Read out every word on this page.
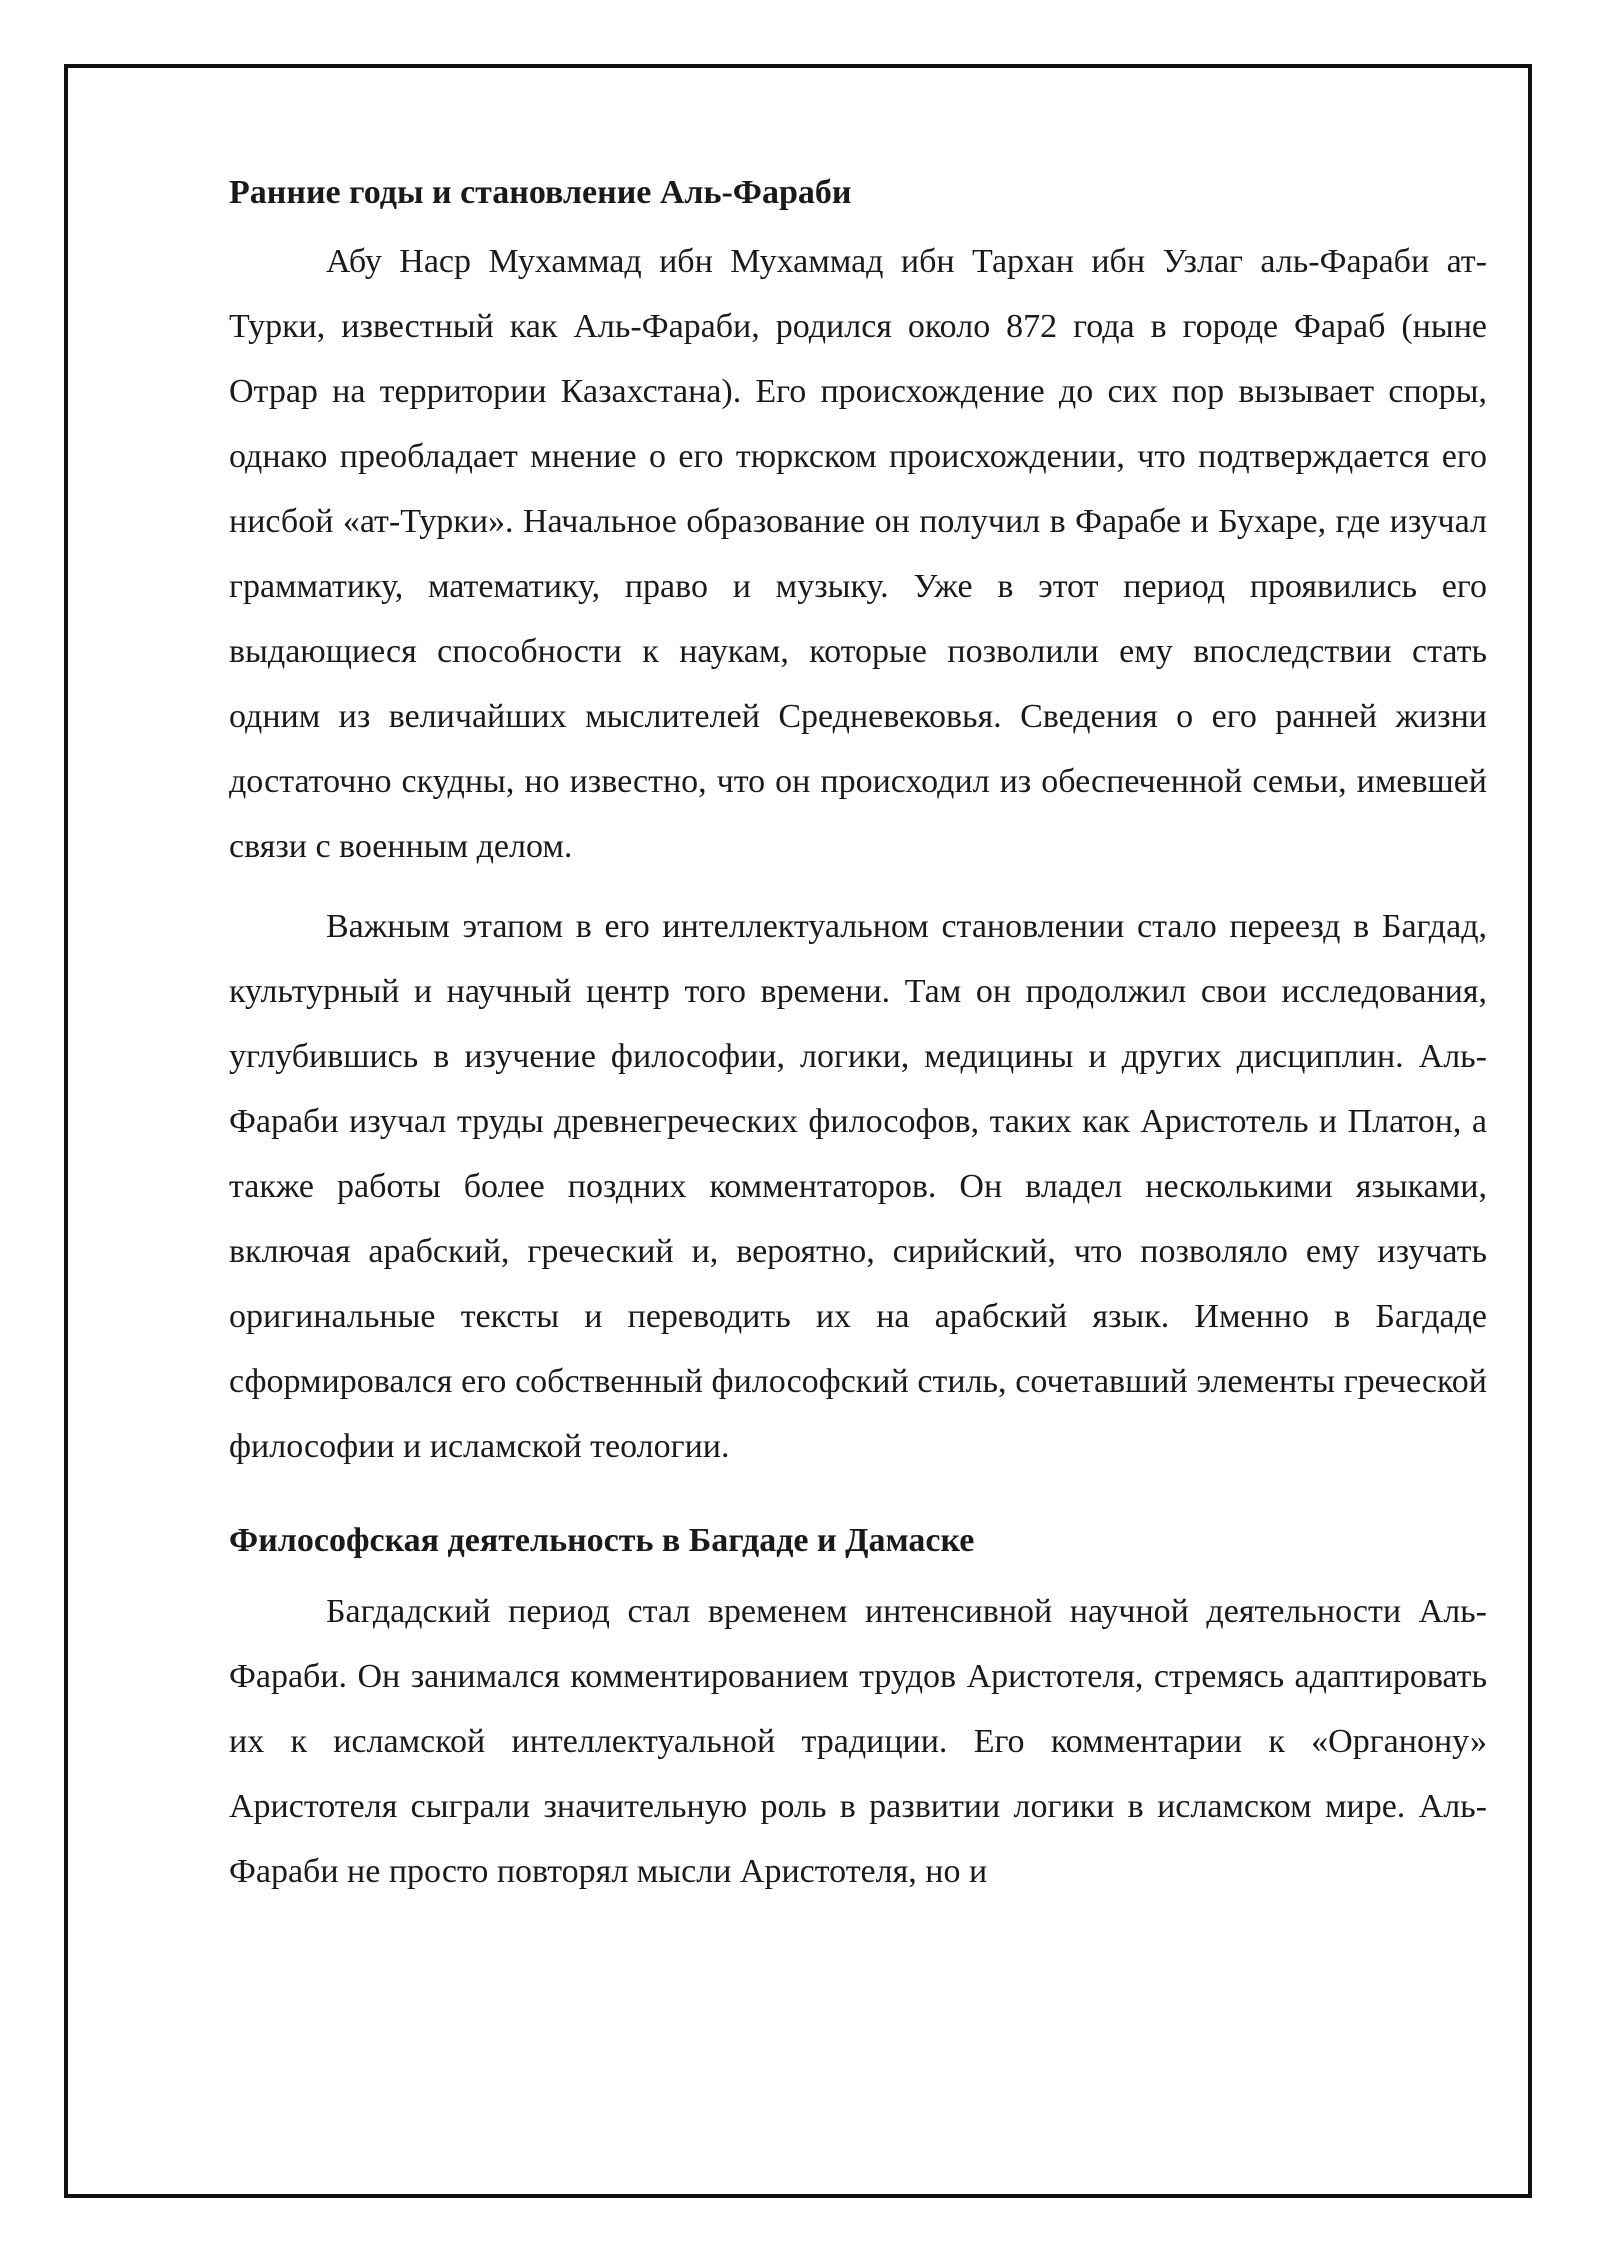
Ранние годы и становление Аль-Фараби

Абу Наср Мухаммад ибн Мухаммад ибн Тархан ибн Узлаг аль-Фараби ат-Турки, известный как Аль-Фараби, родился около 872 года в городе Фараб (ныне Отрар на территории Казахстана). Его происхождение до сих пор вызывает споры, однако преобладает мнение о его тюркском происхождении, что подтверждается его нисбой «ат-Турки». Начальное образование он получил в Фарабе и Бухаре, где изучал грамматику, математику, право и музыку. Уже в этот период проявились его выдающиеся способности к наукам, которые позволили ему впоследствии стать одним из величайших мыслителей Средневековья. Сведения о его ранней жизни достаточно скудны, но известно, что он происходил из обеспеченной семьи, имевшей связи с военным делом.

Важным этапом в его интеллектуальном становлении стало переезд в Багдад, культурный и научный центр того времени. Там он продолжил свои исследования, углубившись в изучение философии, логики, медицины и других дисциплин. Аль-Фараби изучал труды древнегреческих философов, таких как Аристотель и Платон, а также работы более поздних комментаторов. Он владел несколькими языками, включая арабский, греческий и, вероятно, сирийский, что позволяло ему изучать оригинальные тексты и переводить их на арабский язык. Именно в Багдаде сформировался его собственный философский стиль, сочетавший элементы греческой философии и исламской теологии.

Философская деятельность в Багдаде и Дамаске

Багдадский период стал временем интенсивной научной деятельности Аль-Фараби. Он занимался комментированием трудов Аристотеля, стремясь адаптировать их к исламской интеллектуальной традиции. Его комментарии к «Органону» Аристотеля сыграли значительную роль в развитии логики в исламском мире. Аль-Фараби не просто повторял мысли Аристотеля, но и
